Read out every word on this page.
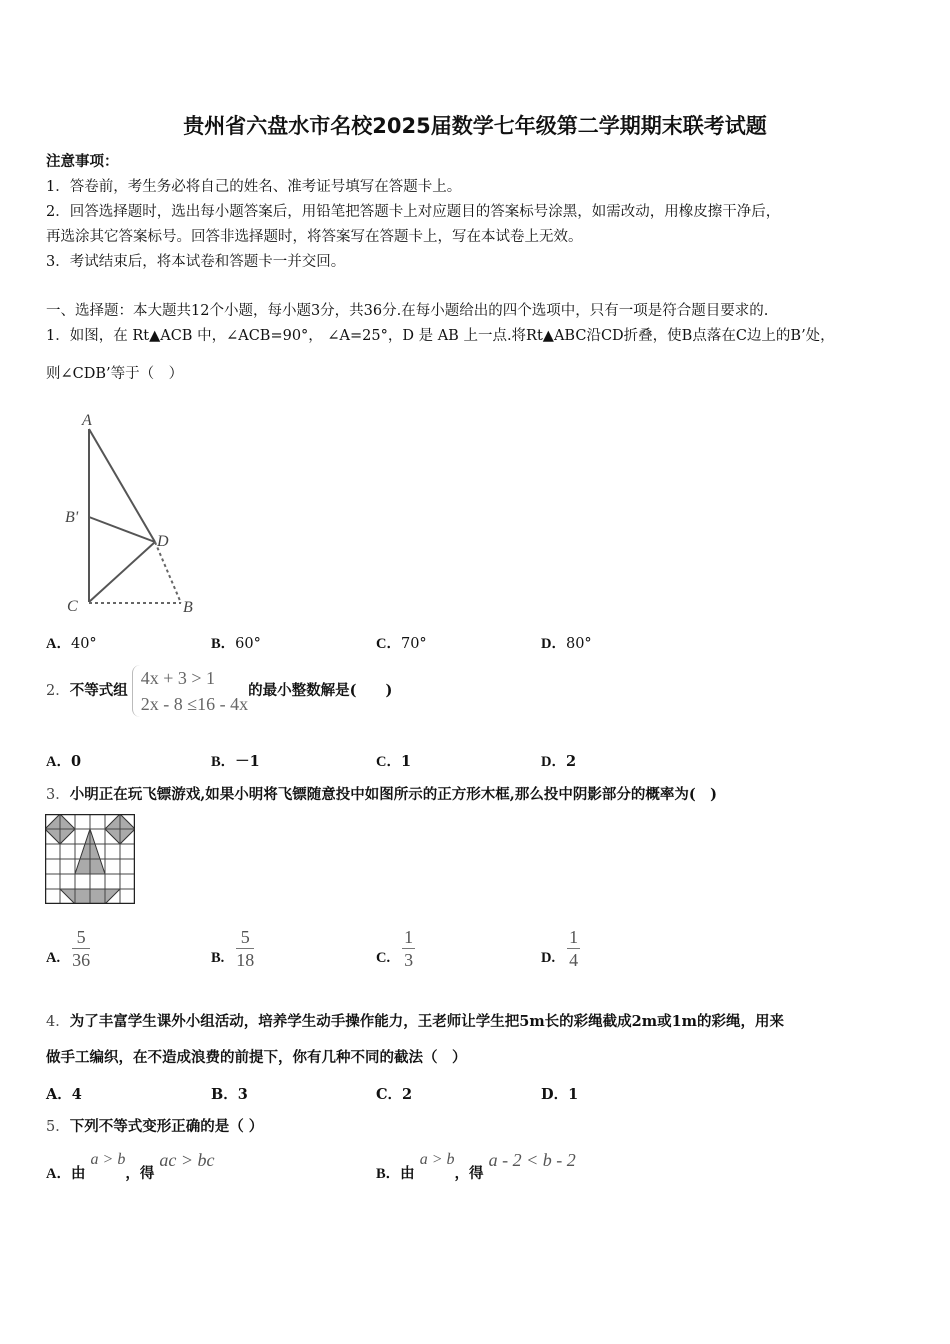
贵州省六盘水市名校2025届数学七年级第二学期期末联考试题
注意事项：
1．答卷前，考生务必将自己的姓名、准考证号填写在答题卡上。
2．回答选择题时，选出每小题答案后，用铅笔把答题卡上对应题目的答案标号涂黑，如需改动，用橡皮擦干净后，
再选涂其它答案标号。回答非选择题时，将答案写在答题卡上，写在本试卷上无效。
3．考试结束后，将本试卷和答题卡一并交回。
一、选择题：本大题共12个小题，每小题3分，共36分.在每小题给出的四个选项中，只有一项是符合题目要求的.
1．如图，在 Rt▲ACB 中，∠ACB=90°， ∠A=25°，D 是 AB 上一点.将Rt▲ABC沿CD折叠，使B点落在C边上的B’处，
则∠CDB’等于（　）
A
B'
D
C	B
A．40°	B．60°	C．70°	D．80°
2． 不等式组
4x + 3 > 1
2x - 8 ≤16 - 4x
的最小整数解是(　　)
A．0	B．－1	C．1	D．2
3．小明正在玩飞镖游戏,如果小明将飞镖随意投中如图所示的正方形木框,那么投中阴影部分的概率为(　)
A. $\frac{5}{36}$	B. $\frac{5}{18}$	C. $\frac{1}{3}$	D. $\frac{1}{4}$
4．为了丰富学生课外小组活动，培养学生动手操作能力，王老师让学生把5m长的彩绳截成2m或1m的彩绳，用来
做手工编织，在不造成浪费的前提下，你有几种不同的截法（　）
A．4	B．3	C．2	D．1
5．下列不等式变形正确的是（ ）
A．由 a > b，得 ac > bc
B．由 a > b，得 a - 2 < b - 2
